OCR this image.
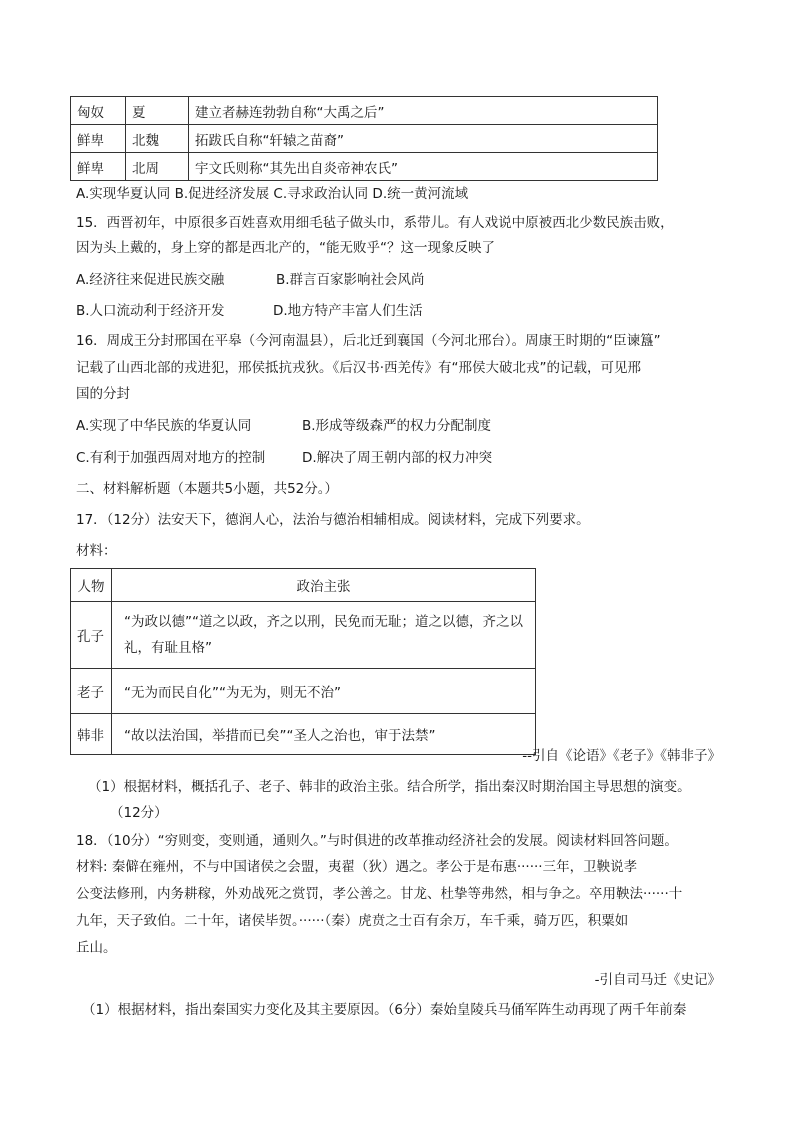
匈奴	夏	建立者赫连勃勃自称“大禹之后”
鲜卑	北魏	拓跋氏自称“轩辕之苗裔”
鲜卑	北周	宇文氏则称“其先出自炎帝神农氏”
A.实现华夏认同 B.促进经济发展 C.寻求政治认同 D.统一黄河流域
15．西晋初年，中原很多百姓喜欢用细毛毡子做头巾，系带儿。有人戏说中原被西北少数民族击败，
因为头上戴的，身上穿的都是西北产的，“能无败乎“？这一现象反映了
A.经济往来促进民族交融	B.群言百家影响社会风尚
B.人口流动利于经济开发	D.地方特产丰富人们生活
16．周成王分封邢国在平皋（今河南温县），后北迁到襄国（今河北邢台）。周康王时期的“臣谏簋”
记载了山西北部的戎进犯，邢侯抵抗戎狄。《后汉书·西羌传》有“邢侯大破北戎”的记载，可见邢
国的分封
A.实现了中华民族的华夏认同	B.形成等级森严的权力分配制度
C.有利于加强西周对地方的控制	D.解决了周王朝内部的权力冲突
二、材料解析题（本题共5小题，共52分。）
17．（12分）法安天下，德润人心，法治与德治相辅相成。阅读材料，完成下列要求。
材料：
人物	政治主张
孔子	“为政以德”“道之以政，齐之以刑，民免而无耻；道之以德，齐之以礼，有耻且格”
老子	“无为而民自化”“为无为，则无不治”
韩非	“故以法治国，举措而已矣”“圣人之治也，审于法禁”
--引自《论语》《老子》《韩非子》
（1）根据材料，概括孔子、老子、韩非的政治主张。结合所学，指出秦汉时期治国主导思想的演变。
（12分）
18．（10分）“穷则变，变则通，通则久。”与时俱进的改革推动经济社会的发展。阅读材料回答问题。
材料: 秦僻在雍州，不与中国诸侯之会盟，夷翟（狄）遇之。孝公于是布惠······三年，卫鞅说孝
公变法修刑，内务耕稼，外劝战死之赏罚，孝公善之。甘龙、杜挚等弗然，相与争之。卒用鞅法······十
九年，天子致伯。二十年，诸侯毕贺。······（秦）虎贲之士百有余万，车千乘，骑万匹，积粟如
丘山。
-引自司马迁《史记》
（1）根据材料，指出秦国实力变化及其主要原因。（6分）秦始皇陵兵马俑军阵生动再现了两千年前秦
